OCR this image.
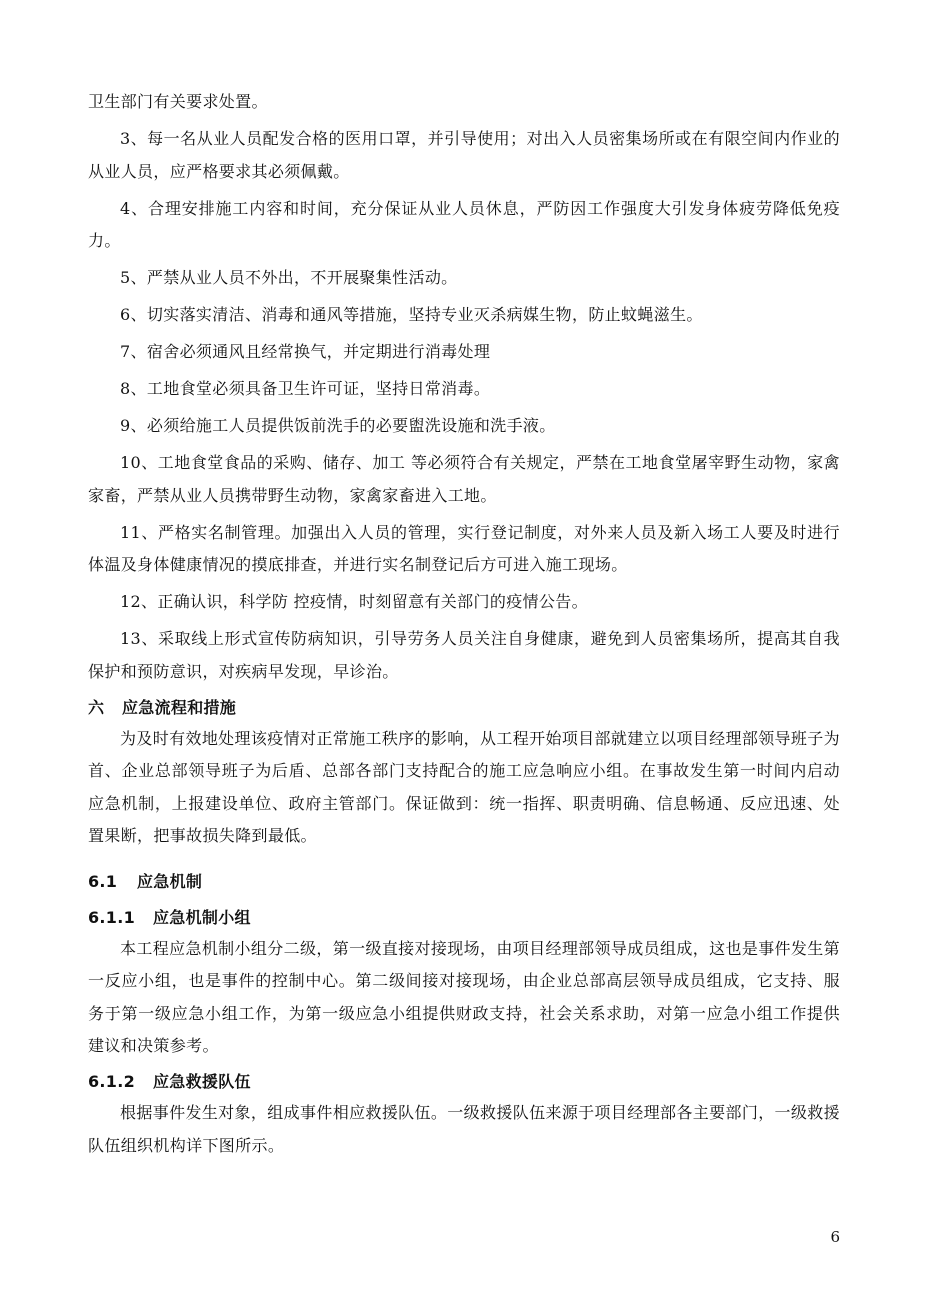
卫生部门有关要求处置。

3、每一名从业人员配发合格的医用口罩，并引导使用；对出入人员密集场所或在有限空间内作业的从业人员，应严格要求其必须佩戴。

4、合理安排施工内容和时间，充分保证从业人员休息，严防因工作强度大引发身体疲劳降低免疫力。

5、严禁从业人员不外出，不开展聚集性活动。

6、切实落实清洁、消毒和通风等措施，坚持专业灭杀病媒生物，防止蚊蝇滋生。

7、宿舍必须通风且经常换气，并定期进行消毒处理

8、工地食堂必须具备卫生许可证，坚持日常消毒。

9、必须给施工人员提供饭前洗手的必要盥洗设施和洗手液。

10、工地食堂食品的采购、储存、加工 等必须符合有关规定，严禁在工地食堂屠宰野生动物，家禽家畜，严禁从业人员携带野生动物，家禽家畜进入工地。

11、严格实名制管理。加强出入人员的管理，实行登记制度，对外来人员及新入场工人要及时进行体温及身体健康情况的摸底排查，并进行实名制登记后方可进入施工现场。

12、正确认识，科学防 控疫情，时刻留意有关部门的疫情公告。

13、采取线上形式宣传防病知识，引导劳务人员关注自身健康，避免到人员密集场所，提高其自我保护和预防意识，对疾病早发现，早诊治。

六 应急流程和措施

为及时有效地处理该疫情对正常施工秩序的影响，从工程开始项目部就建立以项目经理部领导班子为首、企业总部领导班子为后盾、总部各部门支持配合的施工应急响应小组。在事故发生第一时间内启动应急机制，上报建设单位、政府主管部门。保证做到：统一指挥、职责明确、信息畅通、反应迅速、处置果断，把事故损失降到最低。

6.1 应急机制
6.1.1 应急机制小组

本工程应急机制小组分二级，第一级直接对接现场，由项目经理部领导成员组成，这也是事件发生第一反应小组，也是事件的控制中心。第二级间接对接现场，由企业总部高层领导成员组成，它支持、服务于第一级应急小组工作，为第一级应急小组提供财政支持，社会关系求助，对第一应急小组工作提供建议和决策参考。

6.1.2 应急救援队伍

根据事件发生对象，组成事件相应救援队伍。一级救援队伍来源于项目经理部各主要部门，一级救援队伍组织机构详下图所示。

6
